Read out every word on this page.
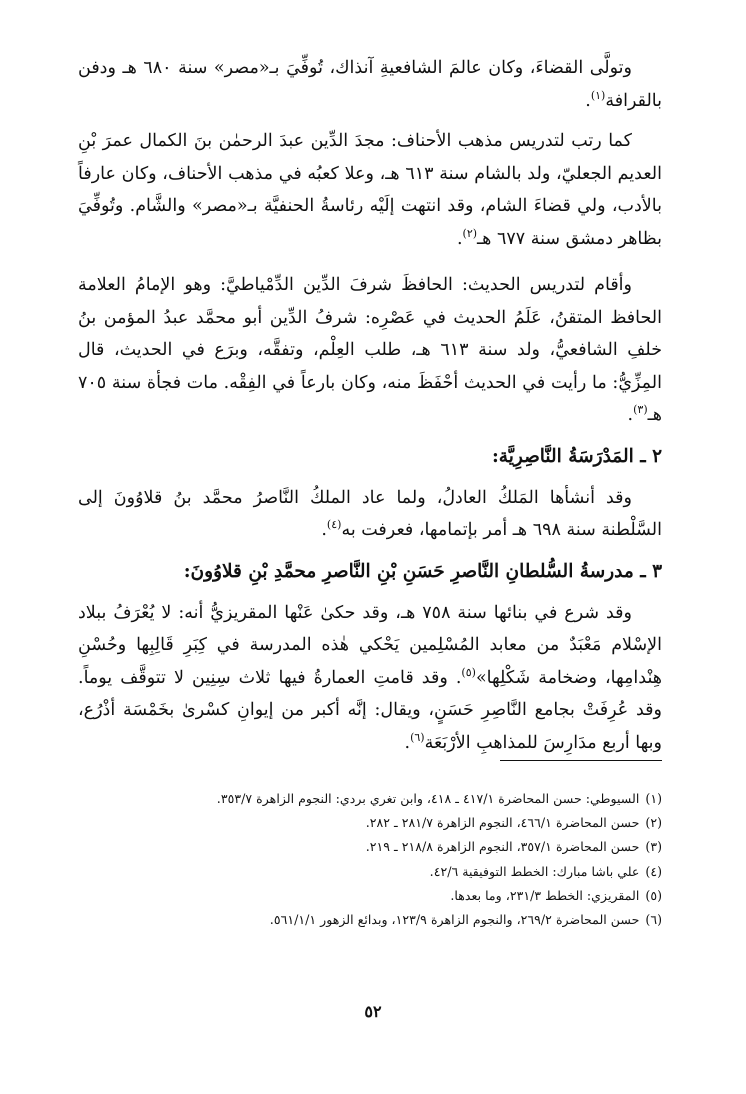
وتولَّى القضاءَ، وكان عالمَ الشافعيةِ آنذاك، تُوفِّيَ بـ«مصر» سنة ٦٨٠ هـ ودفن بالقرافة$^{(١)}$.

كما رتب لتدريس مذهب الأحناف: مجدَ الدِّين عبدَ الرحمٰن بنَ الكمال عمرَ بْنِ العديم الجعليّ، ولد بالشام سنة ٦١٣ هـ، وعلا كعبُه في مذهب الأحناف، وكان عارفاً بالأدب، ولي قضاءَ الشام، وقد انتهت إلَيْه رئاسةُ الحنفيَّة بـ«مصر» والشَّام. وتُوفِّيَ بظاهر دمشق سنة ٦٧٧ هـ$^{(٢)}$.

وأقام لتدريس الحديث: الحافظَ شرفَ الدِّين الدِّمْياطيَّ: وهو الإمامُ العلامة الحافظ المتقنُ، عَلَمُ الحديث في عَصْرِه: شرفُ الدِّين أبو محمَّد عبدُ المؤمن بنُ خلفِ الشافعيُّ، ولد سنة ٦١٣ هـ، طلب العِلْم، وتفقَّه، وبرَع في الحديث، قال المِزِّيُّ: ما رأيت في الحديث أحْفَظَ منه، وكان بارعاً في الفِقْه. مات فجأة سنة ٧٠٥ هـ$^{(٣)}$.

٢ ـ المَدْرَسَةُ النَّاصِرِيَّة:

وقد أنشأها المَلكُ العادلُ، ولما عاد الملكُ النَّاصرُ محمَّد بنُ قلاوُونَ إلى السَّلْطنة سنة ٦٩٨ هـ أمر بإتمامها، فعرفت به$^{(٤)}$.

٣ ـ مدرسةُ السُّلطانِ النَّاصرِ حَسَنِ بْنِ النَّاصرِ محمَّدِ بْنِ قلاوُونَ:

وقد شرع في بنائها سنة ٧٥٨ هـ، وقد حكىٰ عَنْها المقريزيُّ أنه: لا يُعْرَفُ ببلاد الإسْلام مَعْبَدٌ من معابد المُسْلِمين يَحْكي هٰذه المدرسة في كِبَرِ قَالِبِها وحُسْنِ هِنْدامِها، وضخامة شَكْلِها»$^{(٥)}$. وقد قامتِ العمارةُ فيها ثلاث سِنِين لا تتوقَّف يوماً. وقد عُرِفَتْ بجامع النَّاصِرِ حَسَنٍ، ويقال: إنَّه أكبر من إيوانِ كسْرىٰ بخَمْسَة أذْرُع، وبها أربع مدَارِسَ للمذاهبِ الأرْبَعَة$^{(٦)}$.

(١)السيوطي: حسن المحاضرة ٤١٧/١ ـ ٤١٨، وابن تغري بردي: النجوم الزاهرة ٣٥٣/٧.

(٢)حسن المحاضرة ٤٦٦/١، النجوم الزاهرة ٢٨١/٧ ـ ٢٨٢.

(٣)حسن المحاضرة ٣٥٧/١، النجوم الزاهرة ٢١٨/٨ ـ ٢١٩.

(٤)علي باشا مبارك: الخطط التوفيقية ٤٢/٦.

(٥)المقريزي: الخطط ٢٣١/٣، وما بعدها.

(٦)حسن المحاضرة ٢٦٩/٢، والنجوم الزاهرة ١٢٣/٩، وبدائع الزهور ٥٦١/١/١.

٥٢
